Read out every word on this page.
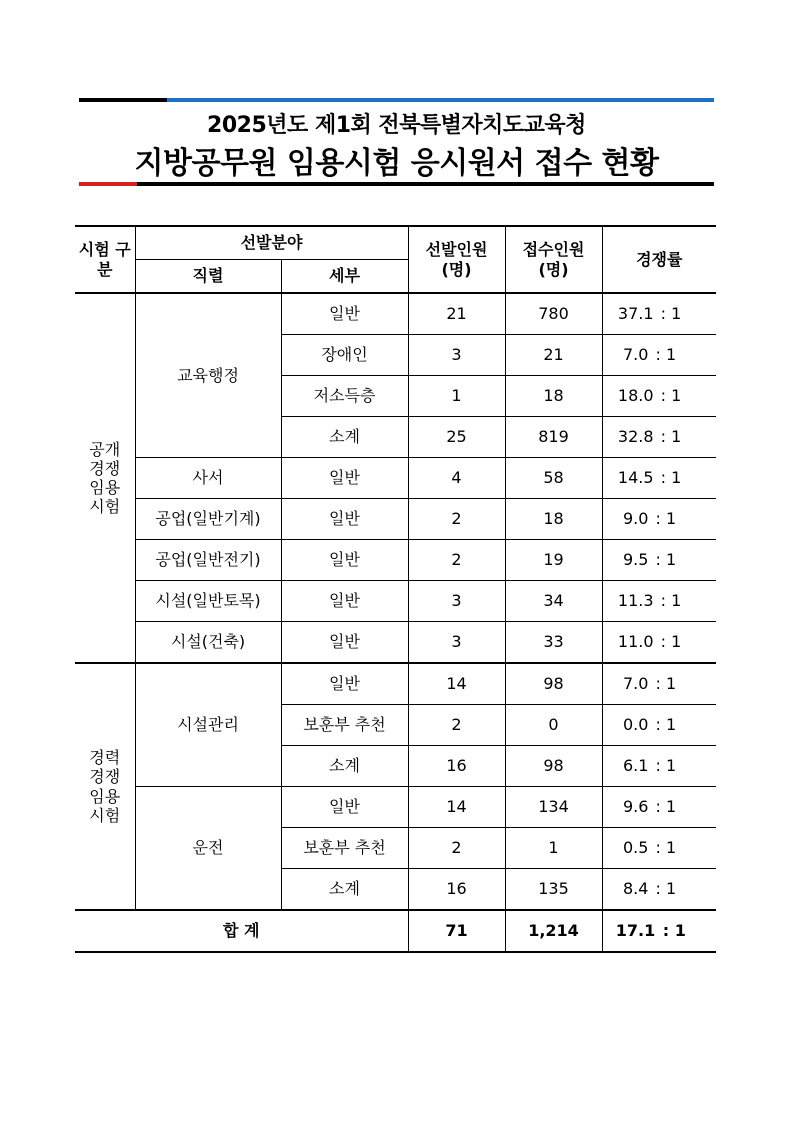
2025년도 제1회 전북특별자치도교육청
지방공무원 임용시험 응시원서 접수 현황
시험 구분	선발분야		선발인원 (명)	접수인원 (명)	경쟁률
	직렬	세부			
공개 경쟁 임용 시험	교육행정	일반	21	780	37.1 : 1
		장애인	3	21	7.0 : 1
		저소득층	1	18	18.0 : 1
		소계	25	819	32.8 : 1
	사서	일반	4	58	14.5 : 1
	공업(일반기계)	일반	2	18	9.0 : 1
	공업(일반전기)	일반	2	19	9.5 : 1
	시설(일반토목)	일반	3	34	11.3 : 1
	시설(건축)	일반	3	33	11.0 : 1
경력 경쟁 임용 시험	시설관리	일반	14	98	7.0 : 1
		보훈부 추천	2	0	0.0 : 1
		소계	16	98	6.1 : 1
	운전	일반	14	134	9.6 : 1
		보훈부 추천	2	1	0.5 : 1
		소계	16	135	8.4 : 1
합 계			71	1,214	17.1 : 1
